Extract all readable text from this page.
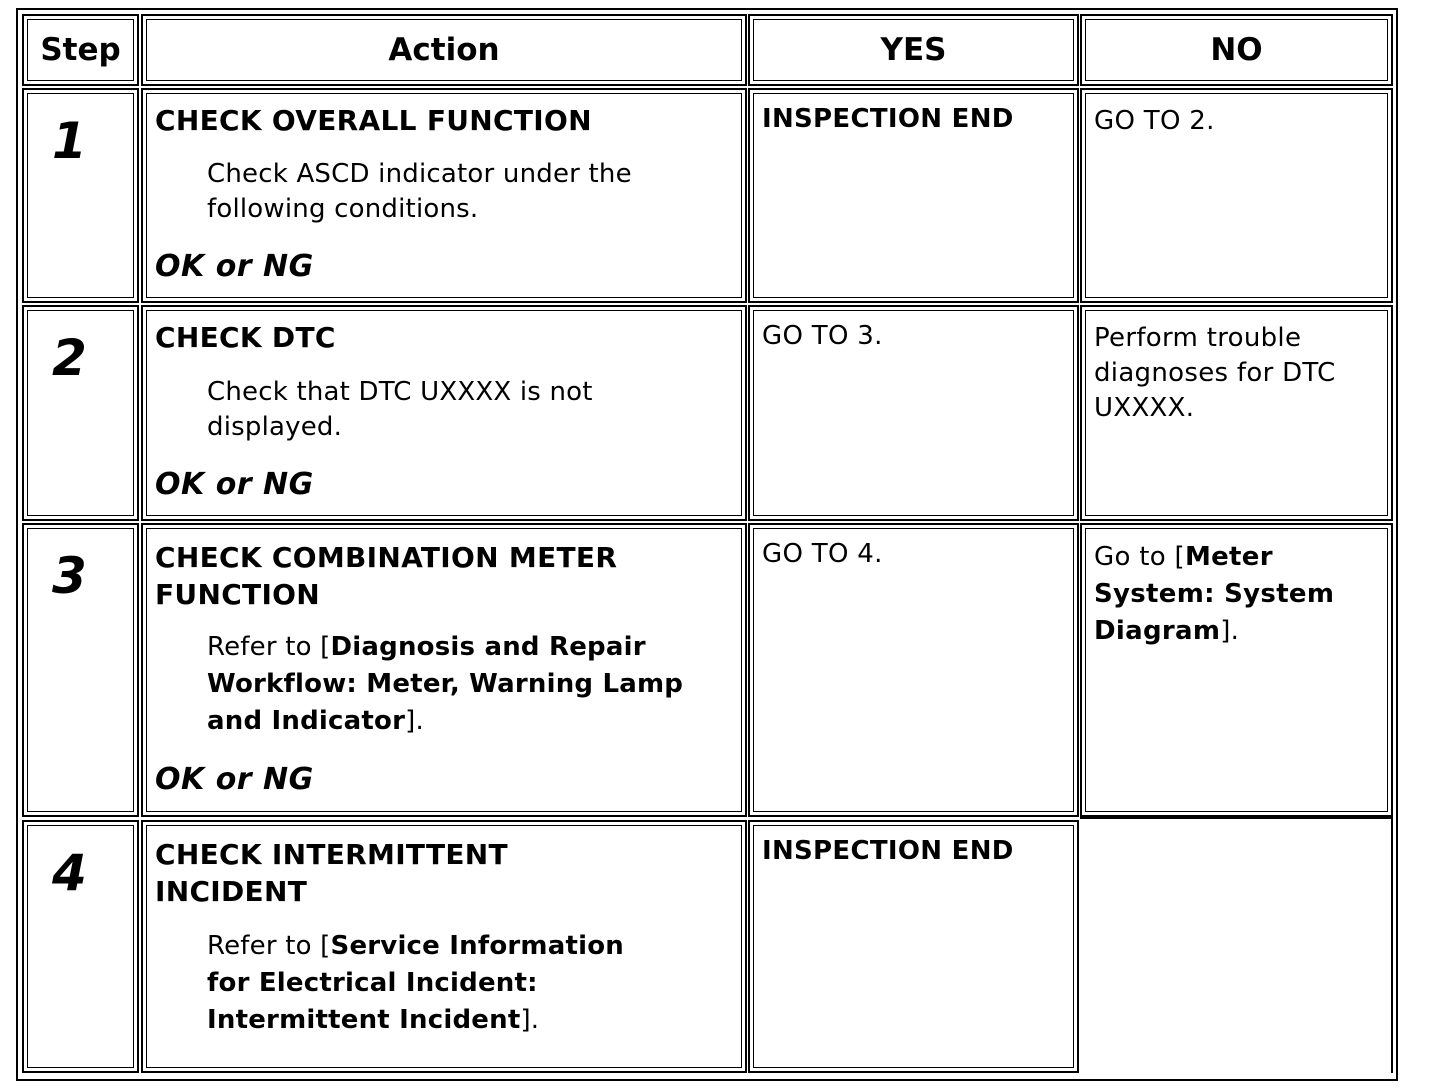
Step	Action	YES	NO
1 CHECK OVERALL FUNCTION
Check ASCD indicator under the
following conditions.
OK or NG
INSPECTION END	GO TO 2.
2 CHECK DTC
Check that DTC UXXXX is not
displayed.
OK or NG
GO TO 3.	Perform trouble
diagnoses for DTC
UXXXX.
3 CHECK COMBINATION METER
FUNCTION
Refer to [Diagnosis and Repair
Workflow: Meter, Warning Lamp
and Indicator].
OK or NG
GO TO 4.	Go to [Meter
System: System
Diagram].
4 CHECK INTERMITTENT
INCIDENT
Refer to [Service Information
for Electrical Incident:
Intermittent Incident].
INSPECTION END
